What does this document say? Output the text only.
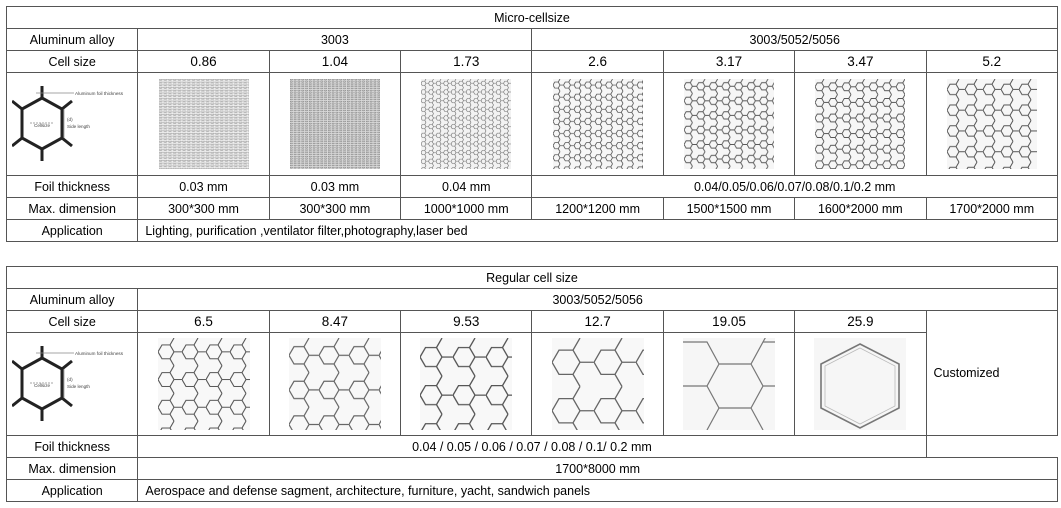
Micro-cellsize							
Aluminum alloy	3003			3003/5052/5056			
Cell size	0.86	1.04	1.73	2.6	3.17	3.47	5.2

Aluminum foil thickness
Cellsize
(d)
Side length

Foil thickness	0.03 mm	0.03 mm	0.04 mm	0.04/0.05/0.06/0.07/0.08/0.1/0.2 mm			
Max. dimension	300*300 mm	300*300 mm	1000*1000 mm	1200*1200 mm	1500*1500 mm	1600*2000 mm	1700*2000 mm
Application	Lighting, purification ,ventilator filter,photography,laser bed						
Regular cell size							
Aluminum alloy	3003/5052/5056						
Cell size	6.5	8.47	9.53	12.7	19.05	25.9	Customized

Aluminum foil thickness
Cellsize
(d)
Side length

Foil thickness	0.04 / 0.05 / 0.06 / 0.07 / 0.08 / 0.1/ 0.2 mm						
Max. dimension	1700*8000 mm						
Application	Aerospace and defense sagment, architecture, furniture, yacht, sandwich panels						
